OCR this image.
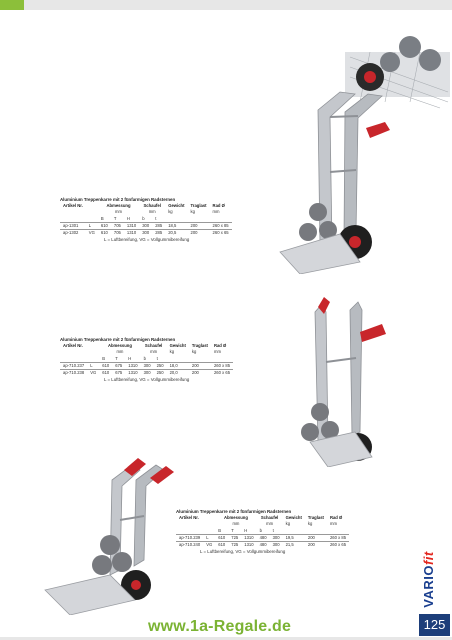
Aluminium Treppenkarre mit 2 fünfarmigen Radsternen
Artikel Nr.		Abmessung			Schaufel		Gewicht	Traglast	Rad Ø
		mm			mm		kg	kg	mm
		B	T	H	b	t			
ap-1301	L	610	705	1310	300	285	18,5	200	260 x 85
ap-1302	VG	610	705	1310	300	285	20,5	200	260 x 65
L = Luftbereifung, VG = Vollgummibereifung
Aluminium Treppenkarre mit 2 fünfarmigen Radsternen
Artikel Nr.		Abmessung			Schaufel		Gewicht	Traglast	Rad Ø
		mm			mm		kg	kg	mm
		B	T	H	b	t			
ap-710.237	L	610	675	1310	300	250	18,0	200	260 x 85
ap-710.238	VG	610	675	1310	300	250	20,0	200	260 x 65
L = Luftbereifung, VG = Vollgummibereifung
Aluminium Treppenkarre mit 2 fünfarmigen Radsternen
Artikel Nr.		Abmessung			Schaufel		Gewicht	Traglast	Rad Ø
		mm			mm		kg	kg	mm
		B	T	H	b	t			
ap-710.239	L	610	725	1310	480	300	19,5	200	260 x 85
ap-710.240	VG	610	725	1310	480	300	21,5	200	260 x 65
L = Luftbereifung, VG = Vollgummibereifung
VARIOfit
www.1a-Regale.de	125
